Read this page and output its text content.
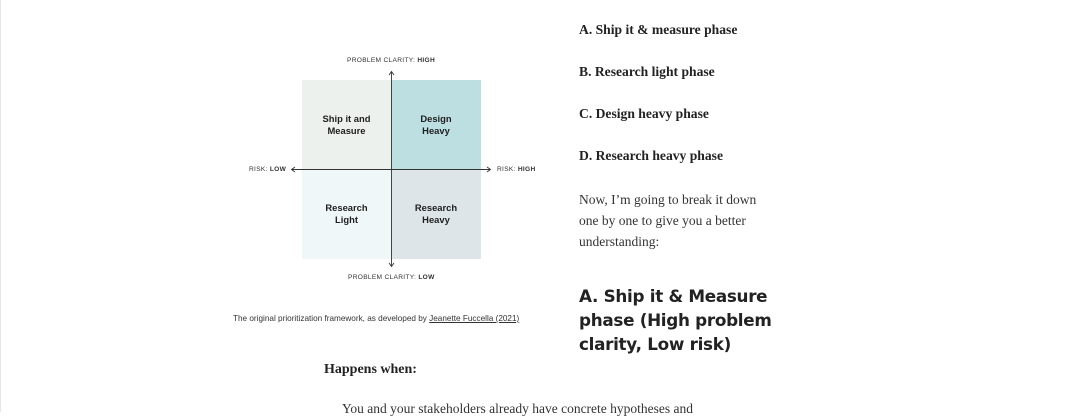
PROBLEM CLARITY: HIGH
Ship it and
Measure
Design
Heavy
Research
Light
Research
Heavy
RISK: LOW	RISK: HIGH
PROBLEM CLARITY: LOW
The original prioritization framework, as developed by Jeanette Fuccella (2021)
A. Ship it & measure phase
B. Research light phase
C. Design heavy phase
D. Research heavy phase
Now, I’m going to break it down
one by one to give you a better
understanding:
A. Ship it & Measure
phase (High problem
clarity, Low risk)
Happens when:
You and your stakeholders already have concrete hypotheses and
